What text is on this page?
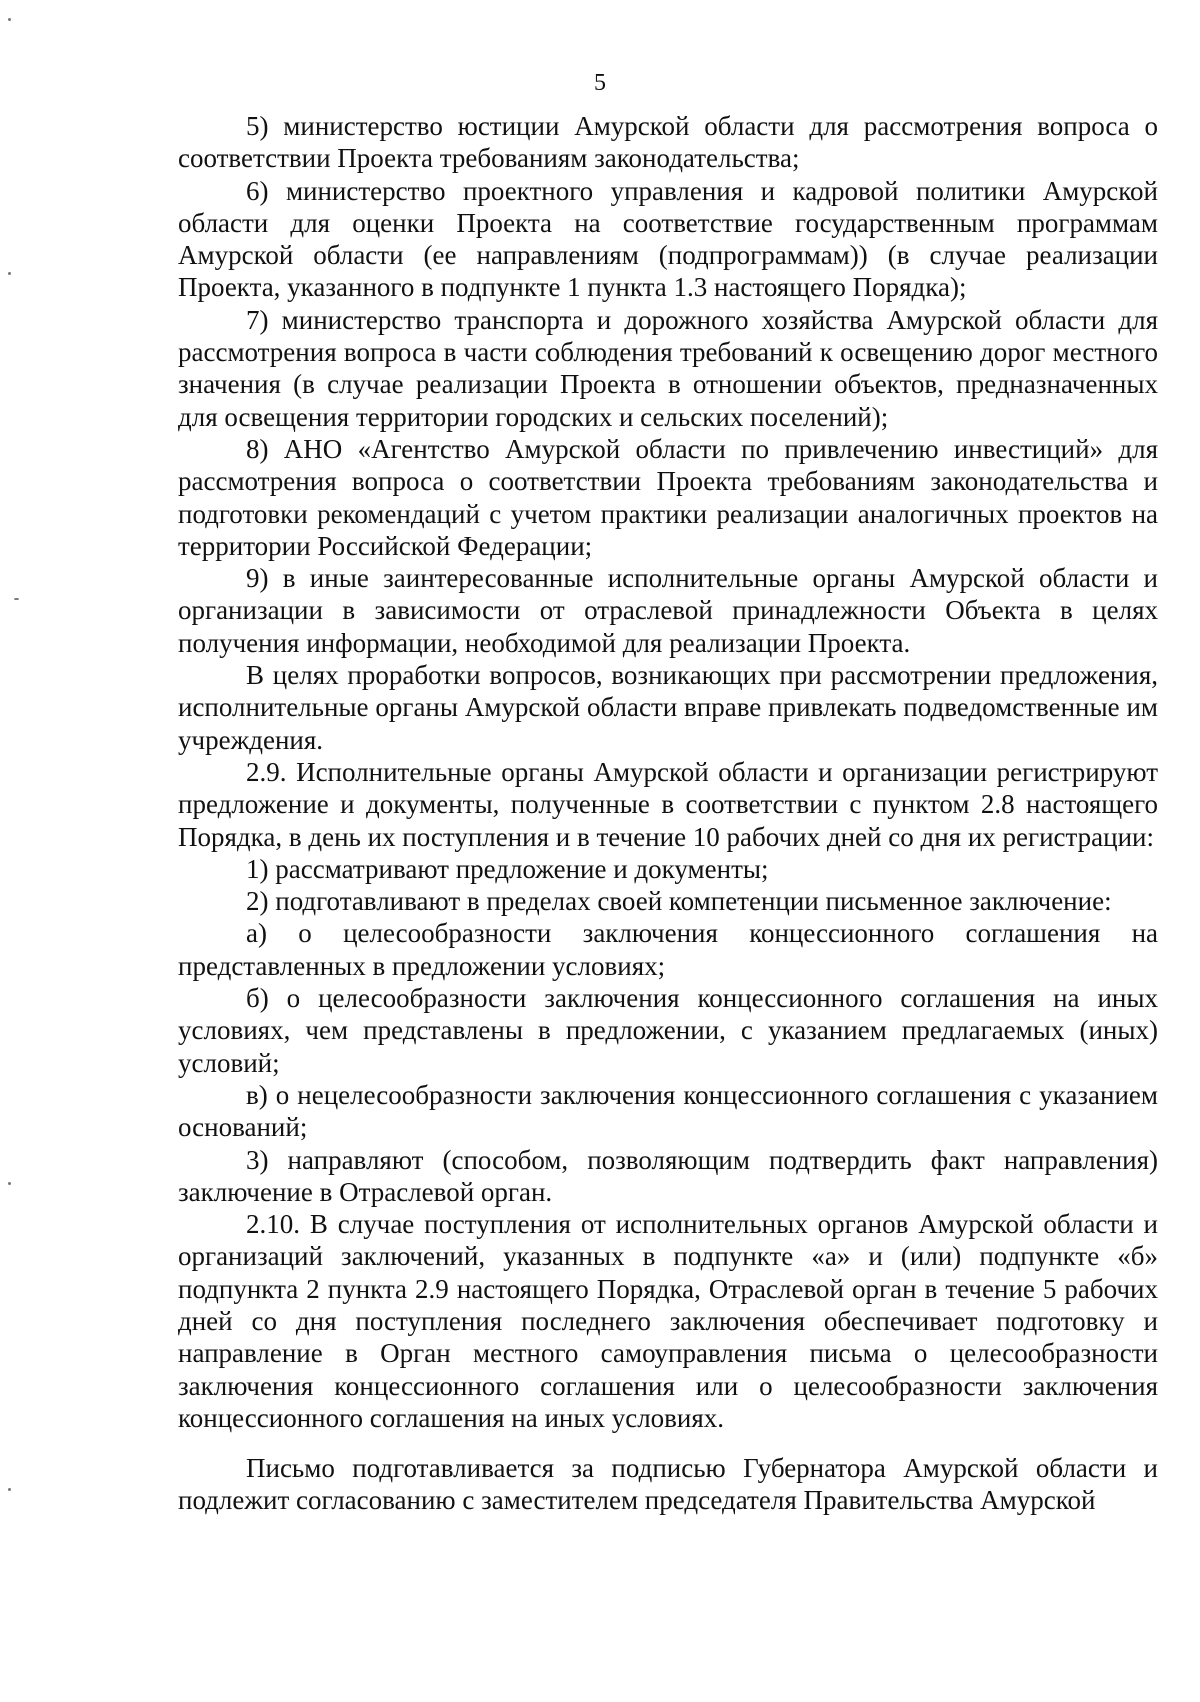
5

5) министерство юстиции Амурской области для рассмотрения вопроса о соответствии Проекта требованиям законодательства;

6) министерство проектного управления и кадровой политики Амурской области для оценки Проекта на соответствие государственным программам Амурской области (ее направлениям (подпрограммам)) (в случае реализации Проекта, указанного в подпункте 1 пункта 1.3 настоящего Порядка);

7) министерство транспорта и дорожного хозяйства Амурской области для рассмотрения вопроса в части соблюдения требований к освещению дорог местного значения (в случае реализации Проекта в отношении объектов, предназначенных для освещения территории городских и сельских поселений);

8) АНО «Агентство Амурской области по привлечению инвестиций» для рассмотрения вопроса о соответствии Проекта требованиям законодательства и подготовки рекомендаций с учетом практики реализации аналогичных проектов на территории Российской Федерации;

9) в иные заинтересованные исполнительные органы Амурской области и организации в зависимости от отраслевой принадлежности Объекта в целях получения информации, необходимой для реализации Проекта.

В целях проработки вопросов, возникающих при рассмотрении предложения, исполнительные органы Амурской области вправе привлекать подведомственные им учреждения.

2.9. Исполнительные органы Амурской области и организации регистрируют предложение и документы, полученные в соответствии с пунктом 2.8 настоящего Порядка, в день их поступления и в течение 10 рабочих дней со дня их регистрации:

1) рассматривают предложение и документы;

2) подготавливают в пределах своей компетенции письменное заключение:

а) о целесообразности заключения концессионного соглашения на представленных в предложении условиях;

б) о целесообразности заключения концессионного соглашения на иных условиях, чем представлены в предложении, с указанием предлагаемых (иных) условий;

в) о нецелесообразности заключения концессионного соглашения с указанием оснований;

3) направляют (способом, позволяющим подтвердить факт направления) заключение в Отраслевой орган.

2.10. В случае поступления от исполнительных органов Амурской области и организаций заключений, указанных в подпункте «а» и (или) подпункте «б» подпункта 2 пункта 2.9 настоящего Порядка, Отраслевой орган в течение 5 рабочих дней со дня поступления последнего заключения обеспечивает подготовку и направление в Орган местного самоуправления письма о целесообразности заключения концессионного соглашения или о целесообразности заключения концессионного соглашения на иных условиях.

Письмо подготавливается за подписью Губернатора Амурской области и подлежит согласованию с заместителем председателя Правительства Амурской
